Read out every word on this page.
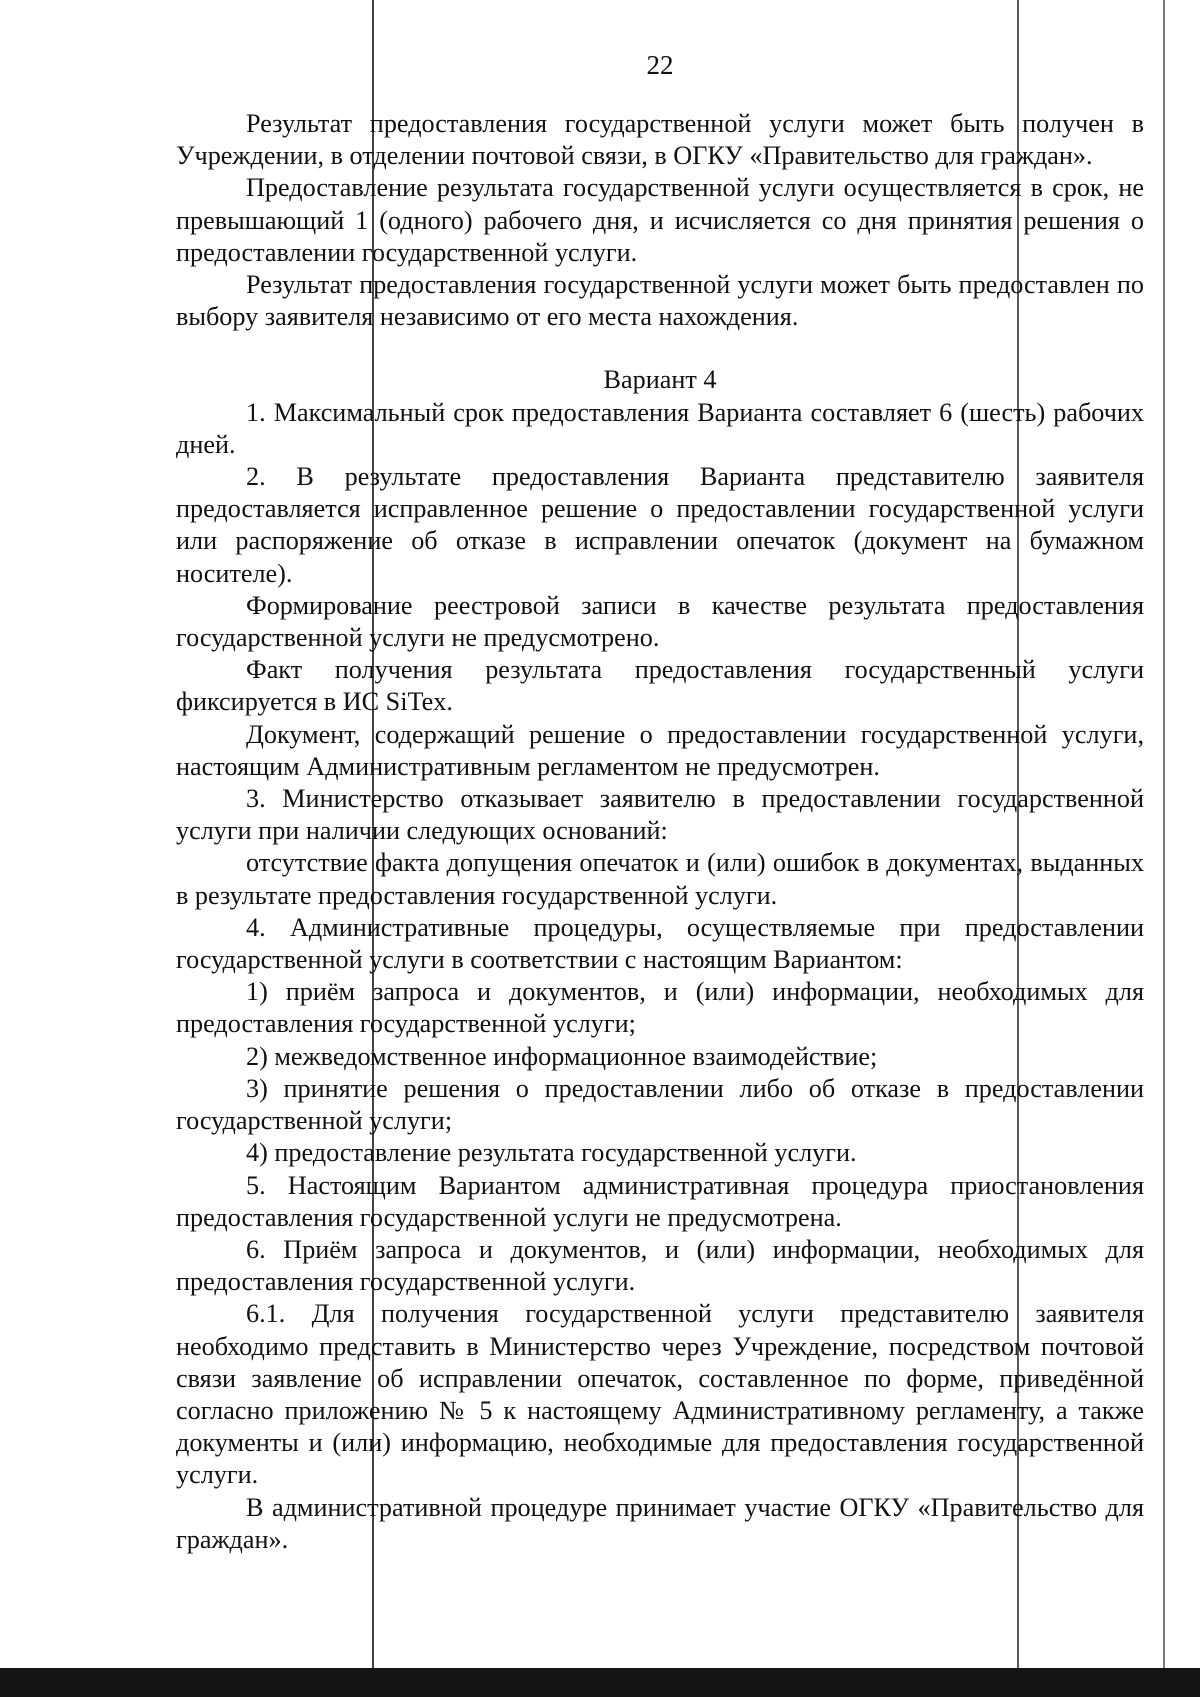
22

Результат предоставления государственной услуги может быть получен в Учреждении, в отделении почтовой связи, в ОГКУ «Правительство для граждан».

Предоставление результата государственной услуги осуществляется в срок, не превышающий 1 (одного) рабочего дня, и исчисляется со дня принятия решения о предоставлении государственной услуги.

Результат предоставления государственной услуги может быть предоставлен по выбору заявителя независимо от его места нахождения.

Вариант 4

1. Максимальный срок предоставления Варианта составляет 6 (шесть) рабочих дней.

2. В результате предоставления Варианта представителю заявителя предоставляется исправленное решение о предоставлении государственной услуги или распоряжение об отказе в исправлении опечаток (документ на бумажном носителе).

Формирование реестровой записи в качестве результата предоставления государственной услуги не предусмотрено.

Факт получения результата предоставления государственный услуги фиксируется в ИС SiTex.

Документ, содержащий решение о предоставлении государственной услуги, настоящим Административным регламентом не предусмотрен.

3. Министерство отказывает заявителю в предоставлении государственной услуги при наличии следующих оснований:

отсутствие факта допущения опечаток и (или) ошибок в документах, выданных в результате предоставления государственной услуги.

4. Административные процедуры, осуществляемые при предоставлении государственной услуги в соответствии с настоящим Вариантом:

1) приём запроса и документов, и (или) информации, необходимых для предоставления государственной услуги;

2) межведомственное информационное взаимодействие;

3) принятие решения о предоставлении либо об отказе в предоставлении государственной услуги;

4) предоставление результата государственной услуги.

5. Настоящим Вариантом административная процедура приостановления предоставления государственной услуги не предусмотрена.

6. Приём запроса и документов, и (или) информации, необходимых для предоставления государственной услуги.

6.1. Для получения государственной услуги представителю заявителя необходимо представить в Министерство через Учреждение, посредством почтовой связи заявление об исправлении опечаток, составленное по форме, приведённой согласно приложению № 5 к настоящему Административному регламенту, а также документы и (или) информацию, необходимые для предоставления государственной услуги.

В административной процедуре принимает участие ОГКУ «Правительство для граждан».
